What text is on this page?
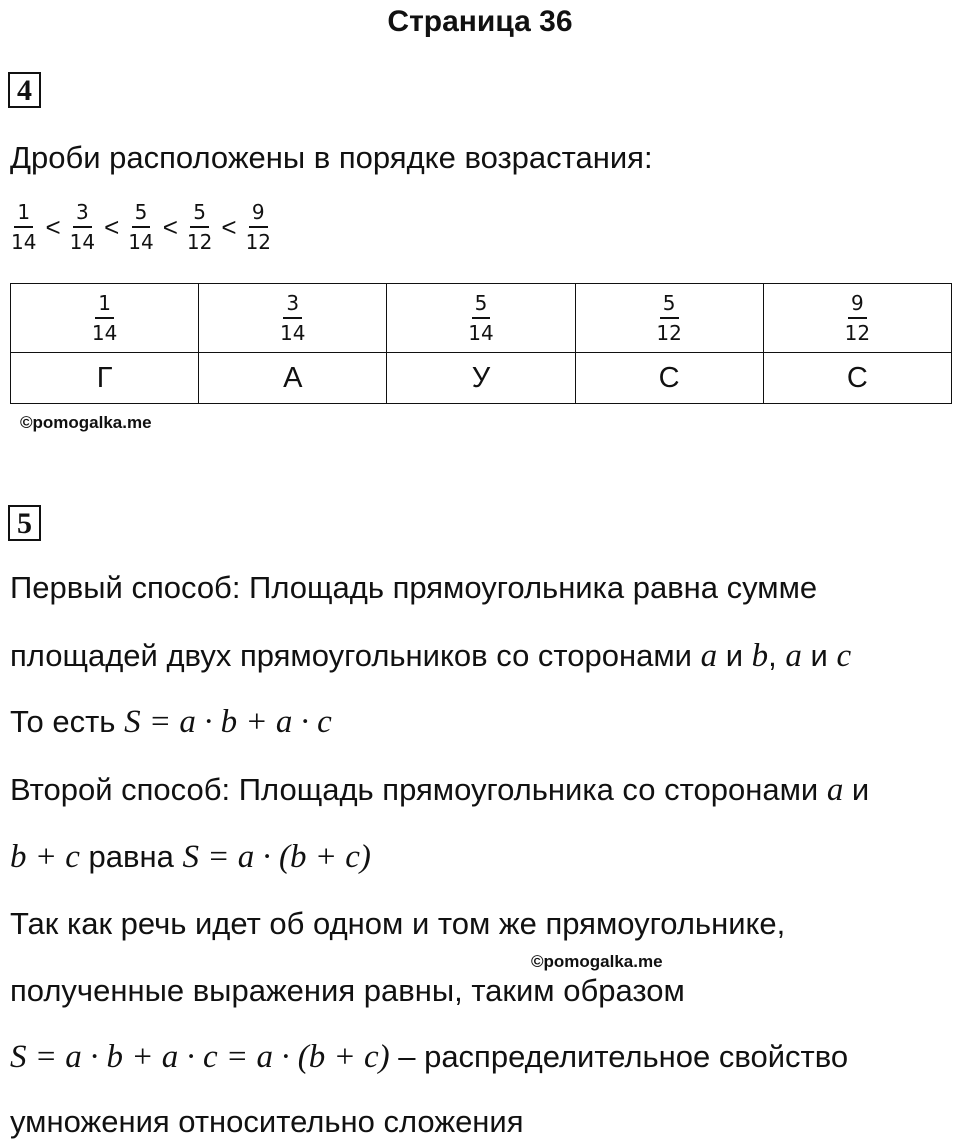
Страница 36
4
Дроби расположены в порядке возрастания:
$\frac{1}{14} < \frac{3}{14} < \frac{5}{14} < \frac{5}{12} < \frac{9}{12}$
$\frac{1}{14}$	$\frac{3}{14}$	$\frac{5}{14}$	$\frac{5}{12}$	$\frac{9}{12}$

Г	А	У	С	С
©pomogalka.me
5
Первый способ: Площадь прямоугольника равна сумме
площадей двух прямоугольников со сторонами a и b, a и c
То есть S = a · b + a · c
Второй способ: Площадь прямоугольника со сторонами a и
b + c равна S = a · (b + c)
Так как речь идет об одном и том же прямоугольнике,
©pomogalka.me
полученные выражения равны, таким образом
S = a · b + a · c = a · (b + c) – распределительное свойство
умножения относительно сложения
